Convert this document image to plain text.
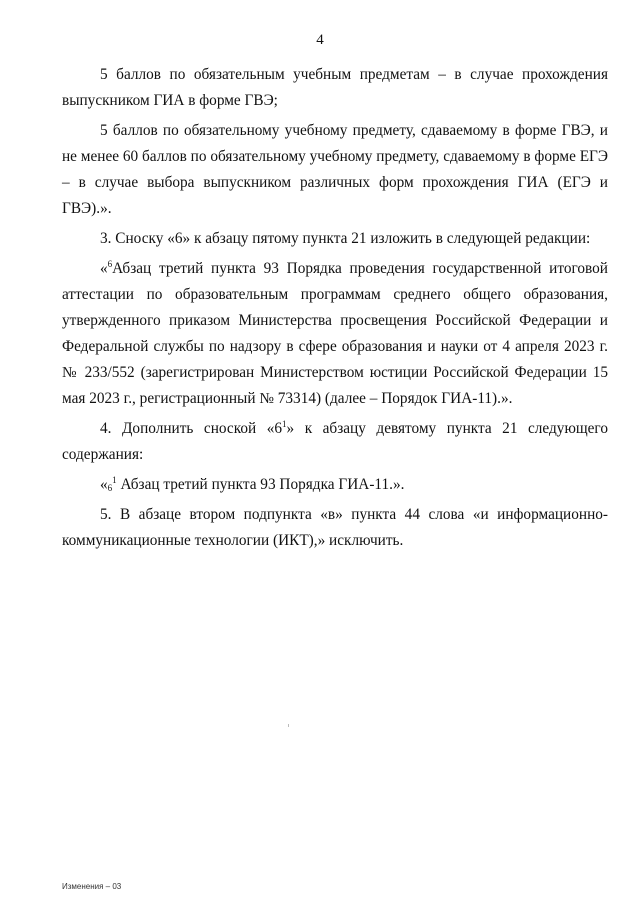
4

5 баллов по обязательным учебным предметам – в случае прохождения выпускником ГИА в форме ГВЭ;

5 баллов по обязательному учебному предмету, сдаваемому в форме ГВЭ, и не менее 60 баллов по обязательному учебному предмету, сдаваемому в форме ЕГЭ – в случае выбора выпускником различных форм прохождения ГИА (ЕГЭ и ГВЭ).».

3. Сноску «6» к абзацу пятому пункта 21 изложить в следующей редакции:

«$^6$Абзац третий пункта 93 Порядка проведения государственной итоговой аттестации по образовательным программам среднего общего образования, утвержденного приказом Министерства просвещения Российской Федерации и Федеральной службы по надзору в сфере образования и науки от 4 апреля 2023 г. № 233/552 (зарегистрирован Министерством юстиции Российской Федерации 15 мая 2023 г., регистрационный № 73314) (далее – Порядок ГИА-11).».

4. Дополнить сноской «$6^1$» к абзацу девятому пункта 21 следующего содержания:

«$_6^1$ Абзац третий пункта 93 Порядка ГИА-11.».

5. В абзаце втором подпункта «в» пункта 44 слова «и информационно-коммуникационные технологии (ИКТ),» исключить.

Изменения – 03
